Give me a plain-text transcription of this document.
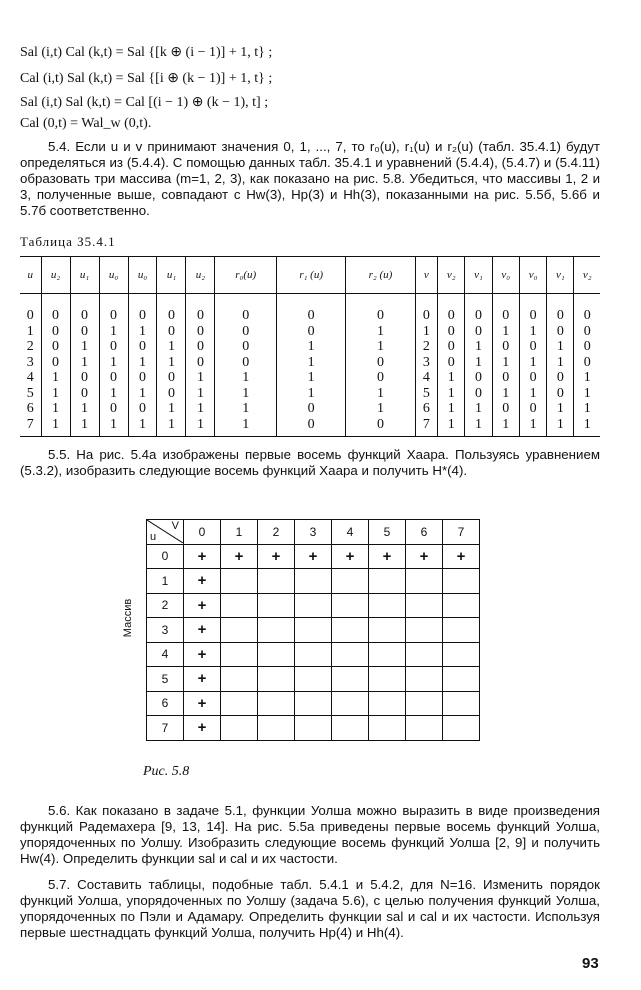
Sal (i,t) Cal (k,t) = Sal {[k ⊕ (i − 1)] + 1, t} ;
Cal (i,t) Sal (k,t) = Sal {[i ⊕ (k − 1)] + 1, t} ;
Sal (i,t) Sal (k,t) = Cal [(i − 1) ⊕ (k − 1), t] ;
Cal (0,t) = Wal_w (0,t).

5.4. Если u и v принимают значения 0, 1, ..., 7, то r₀(u), r₁(u) и r₂(u) (табл. 35.4.1) будут определяться из (5.4.4). С помощью данных табл. 35.4.1 и уравнений (5.4.4), (5.4.7) и (5.4.11) образовать три массива (m=1, 2, 3), как показано на рис. 5.8. Убедиться, что массивы 1, 2 и 3, полученные выше, совпадают с Hw(3), Hp(3) и Hh(3), показанными на рис. 5.5б, 5.6б и 5.7б соответственно.

Таблица З5.4.1
u	u₂	u₁	u₀	u₀	u₁	u₂	r₀(u)	r₁ (u)	r₂ (u)	v	v₂	v₁	v₀	v₀	v₁	v₂
0	0	0	0	0	0	0	0	0	0	0	0	0	0	0	0	0
1	0	0	1	1	0	0	0	0	1	1	0	0	1	1	0	0
2	0	1	0	0	1	0	0	1	1	2	0	1	0	0	1	0
3	0	1	1	1	1	0	0	1	0	3	0	1	1	1	1	0
4	1	0	0	0	0	1	1	1	0	4	1	0	0	0	0	1
5	1	0	1	1	0	1	1	1	1	5	1	0	1	1	0	1
6	1	1	0	0	1	1	1	0	1	6	1	1	0	0	1	1
7	1	1	1	1	1	1	1	0	0	7	1	1	1	1	1	1

5.5. На рис. 5.4а изображены первые восемь функций Хаара. Пользуясь уравнением (5.3.2), изобразить следующие восемь функций Хаара и получить H*(4).

Массив
V
u	0	1	2	3	4	5	6	7
0	+	+	+	+	+	+	+	+
1	+							
2	+							
3	+							
4	+							
5	+							
6	+							
7	+							
Рис. 5.8

5.6. Как показано в задаче 5.1, функции Уолша можно выразить в виде произведения функций Радемахера [9, 13, 14]. На рис. 5.5а приведены первые восемь функций Уолша, упорядоченных по Уолшу. Изобразить следующие восемь функций Уолша [2, 9] и получить Hw(4). Определить функции sal и cal и их частости.

5.7. Составить таблицы, подобные табл. 5.4.1 и 5.4.2, для N=16. Изменить порядок функций Уолша, упорядоченных по Уолшу (задача 5.6), с целью получения функций Уолша, упорядоченных по Пэли и Адамару. Определить функции sal и cal и их частости. Используя первые шестнадцать функций Уолша, получить Hp(4) и Hh(4).

93
